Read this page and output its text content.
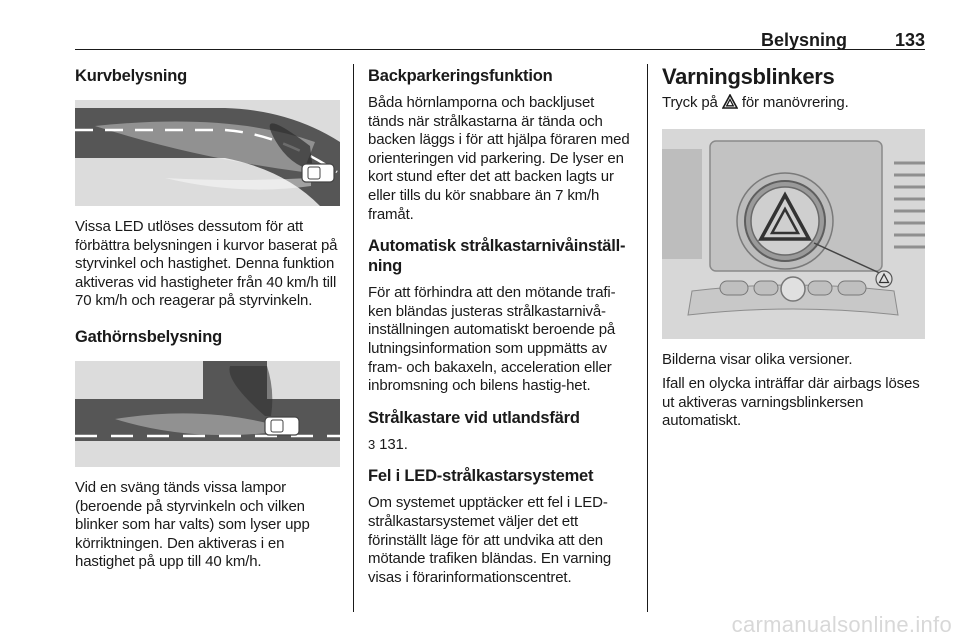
Belysning	133
Kurvbelysning

Vissa LED utlöses dessutom för att förbättra belysningen i kurvor baserat på styrvinkel och hastighet. Denna funktion aktiveras vid hastigheter från 40 km/h till 70 km/h och reagerar på styrvinkeln.

Gathörnsbelysning

Vid en sväng tänds vissa lampor (beroende på styrvinkeln och vilken blinker som har valts) som lyser upp körriktningen. Den aktiveras i en hastighet på upp till 40 km/h.

Backparkeringsfunktion

Båda hörnlamporna och backljuset tänds när strålkastarna är tända och backen läggs i för att hjälpa föraren med orienteringen vid parkering. De lyser en kort stund efter det att backen lagts ur eller tills du kör snabbare än 7 km/h framåt.

Automatisk strålkastarnivåinställ-ning

För att förhindra att den mötande trafi-ken bländas justeras strålkastarnivå-inställningen automatiskt beroende på lutningsinformation som uppmätts av fram- och bakaxeln, acceleration eller inbromsning och bilens hastig-het.

Strålkastare vid utlandsfärd

3 131.

Fel i LED-strålkastarsystemet

Om systemet upptäcker ett fel i LED-strålkastarsystemet väljer det ett förinställt läge för att undvika att den mötande trafiken bländas. En varning visas i förarinformationscentret.

Varningsblinkers

Tryck på för manövrering.

Bilderna visar olika versioner.

Ifall en olycka inträffar där airbags löses ut aktiveras varningsblinkersen automatiskt.

carmanualsonline.info
